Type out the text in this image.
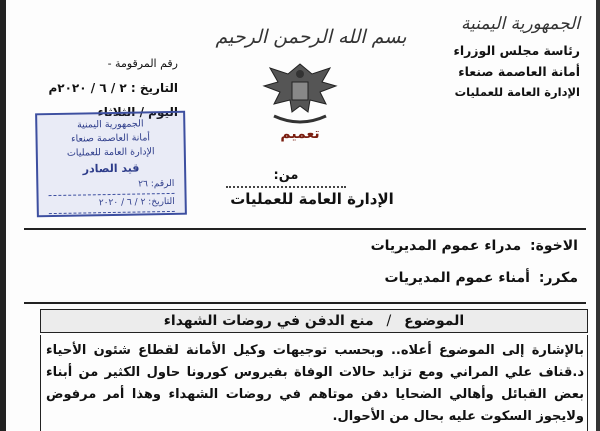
الجمهورية اليمنية
رئاسة مجلس الوزراء
أمانة العاصمة صنعاء
الإدارة العامة للعمليات
بسم الله الرحمن الرحيم
تعميم
رقم المرقومة -
التاريخ : ٢ / ٦ / ٢٠٢٠م
اليوم / الثلاثاء
الجمهورية اليمنية
أمانة العاصمة صنعاء
الإدارة العامة للعمليات
قيد الصادر
الرقم: ٢٦
التاريخ: ٢ / ٦ / ٢٠٢٠
من:
الإدارة العامة للعمليات
الاخوة: مدراء عموم المديريات
مكرر: أمناء عموم المديريات
الموضوع / منع الدفن في روضات الشهداء
بالإشارة إلى الموضوع أعلاه.. وبحسب توجيهات وكيل الأمانة لقطاع شئون الأحياء د.قناف علي المراني ومع تزايد حالات الوفاة بفيروس كورونا حاول الكثير من أبناء بعض القبائل وأهالي الضحايا دفن موتاهم في روضات الشهداء وهذا أمر مرفوض ولايجوز السكوت عليه بحال من الأحوال.
